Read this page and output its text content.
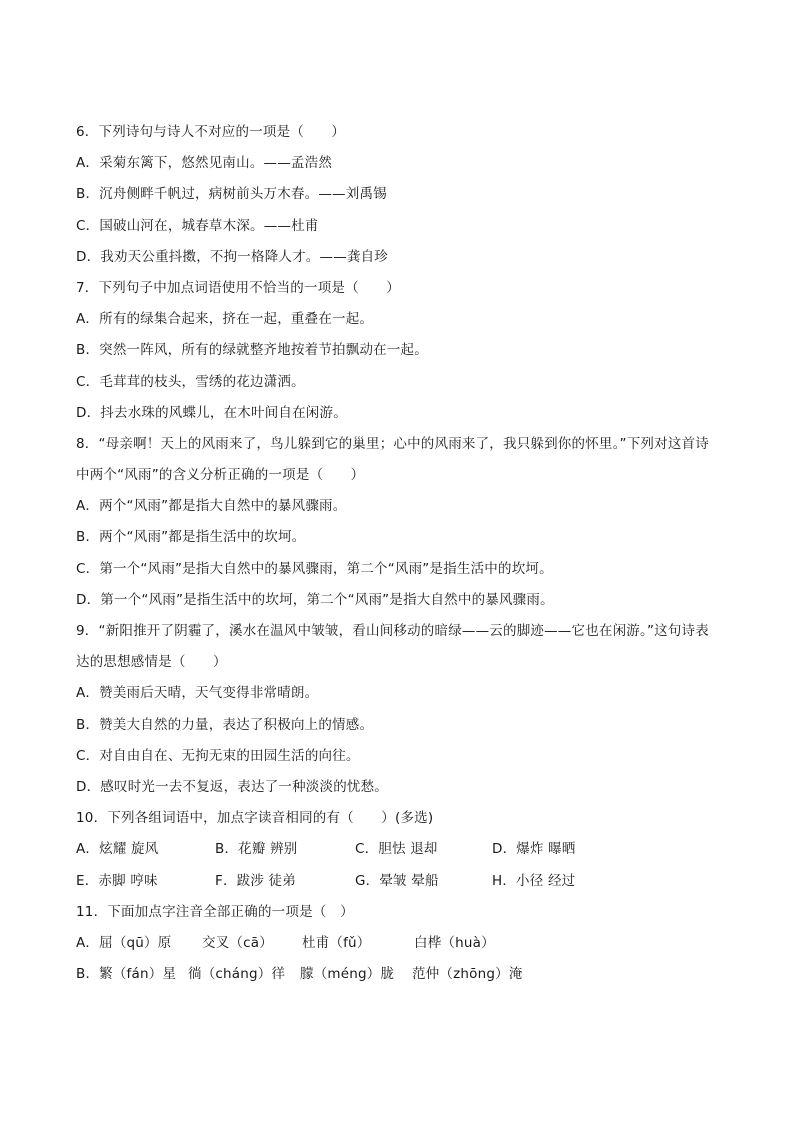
6．下列诗句与诗人不对应的一项是（　　）
A．采菊东篱下，悠然见南山。——孟浩然
B．沉舟侧畔千帆过，病树前头万木春。——刘禹锡
C．国破山河在，城春草木深。——杜甫
D．我劝天公重抖擞，不拘一格降人才。——龚自珍
7．下列句子中加点词语使用不恰当的一项是（　　）
A．所有的绿集合起来，挤在一起，重叠在一起。
B．突然一阵风，所有的绿就整齐地按着节拍飘动在一起。
C．毛茸茸的枝头，雪绣的花边潇洒。
D．抖去水珠的风蝶儿，在木叶间自在闲游。
8．“母亲啊！天上的风雨来了，鸟儿躲到它的巢里；心中的风雨来了，我只躲到你的怀里。”下列对这首诗
中两个“风雨”的含义分析正确的一项是（　　）
A．两个“风雨”都是指大自然中的暴风骤雨。
B．两个“风雨”都是指生活中的坎坷。
C．第一个“风雨”是指大自然中的暴风骤雨，第二个“风雨”是指生活中的坎坷。
D．第一个“风雨”是指生活中的坎坷，第二个“风雨”是指大自然中的暴风骤雨。
9．“新阳推开了阴霾了，溪水在温风中皱皱，看山间移动的暗绿——云的脚迹——它也在闲游。”这句诗表
达的思想感情是（　　）
A．赞美雨后天晴，天气变得非常晴朗。
B．赞美大自然的力量，表达了积极向上的情感。
C．对自由自在、无拘无束的田园生活的向往。
D．感叹时光一去不复返，表达了一种淡淡的忧愁。
10．下列各组词语中，加点字读音相同的有（　　）(多选)
A．炫耀 旋风	B．花瓣 辨别	C．胆怯 退却	D．爆炸 曝晒
E．赤脚 哼味	F．跋涉 徒弟	G．晕皱 晕船	H．小径 经过
11．下面加点字注音全部正确的一项是（　）
A．屈（qū）原	交叉（cā）	杜甫（fǔ）	白桦（huà）
B．繁（fán）星 徜（cháng）徉	朦（méng）胧	范仲（zhōng）淹
